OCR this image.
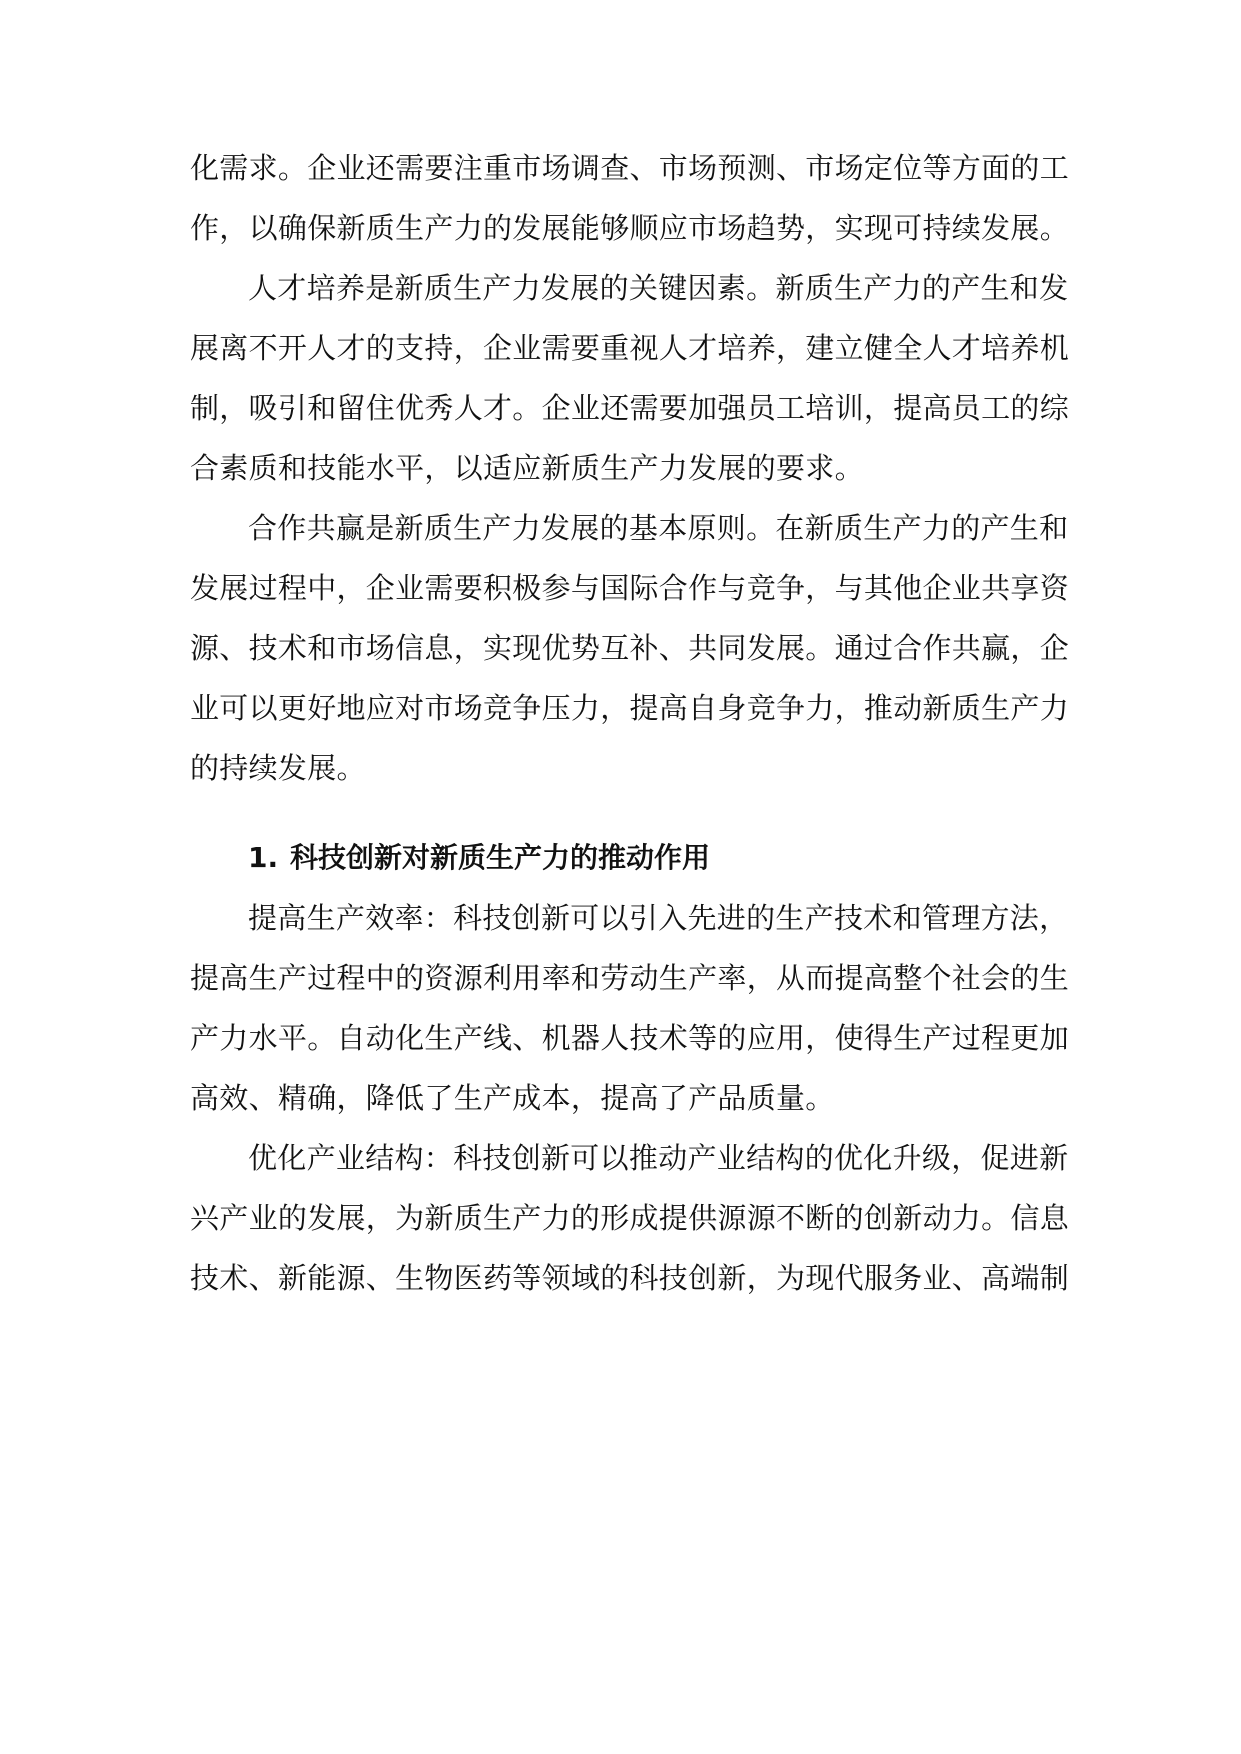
化需求。企业还需要注重市场调查、市场预测、市场定位等方面的工
作，以确保新质生产力的发展能够顺应市场趋势，实现可持续发展。
人才培养是新质生产力发展的关键因素。新质生产力的产生和发
展离不开人才的支持，企业需要重视人才培养，建立健全人才培养机
制，吸引和留住优秀人才。企业还需要加强员工培训，提高员工的综
合素质和技能水平，以适应新质生产力发展的要求。
合作共赢是新质生产力发展的基本原则。在新质生产力的产生和
发展过程中，企业需要积极参与国际合作与竞争，与其他企业共享资
源、技术和市场信息，实现优势互补、共同发展。通过合作共赢，企
业可以更好地应对市场竞争压力，提高自身竞争力，推动新质生产力
的持续发展。
1. 科技创新对新质生产力的推动作用
提高生产效率：科技创新可以引入先进的生产技术和管理方法，
提高生产过程中的资源利用率和劳动生产率，从而提高整个社会的生
产力水平。自动化生产线、机器人技术等的应用，使得生产过程更加
高效、精确，降低了生产成本，提高了产品质量。
优化产业结构：科技创新可以推动产业结构的优化升级，促进新
兴产业的发展，为新质生产力的形成提供源源不断的创新动力。信息
技术、新能源、生物医药等领域的科技创新，为现代服务业、高端制
